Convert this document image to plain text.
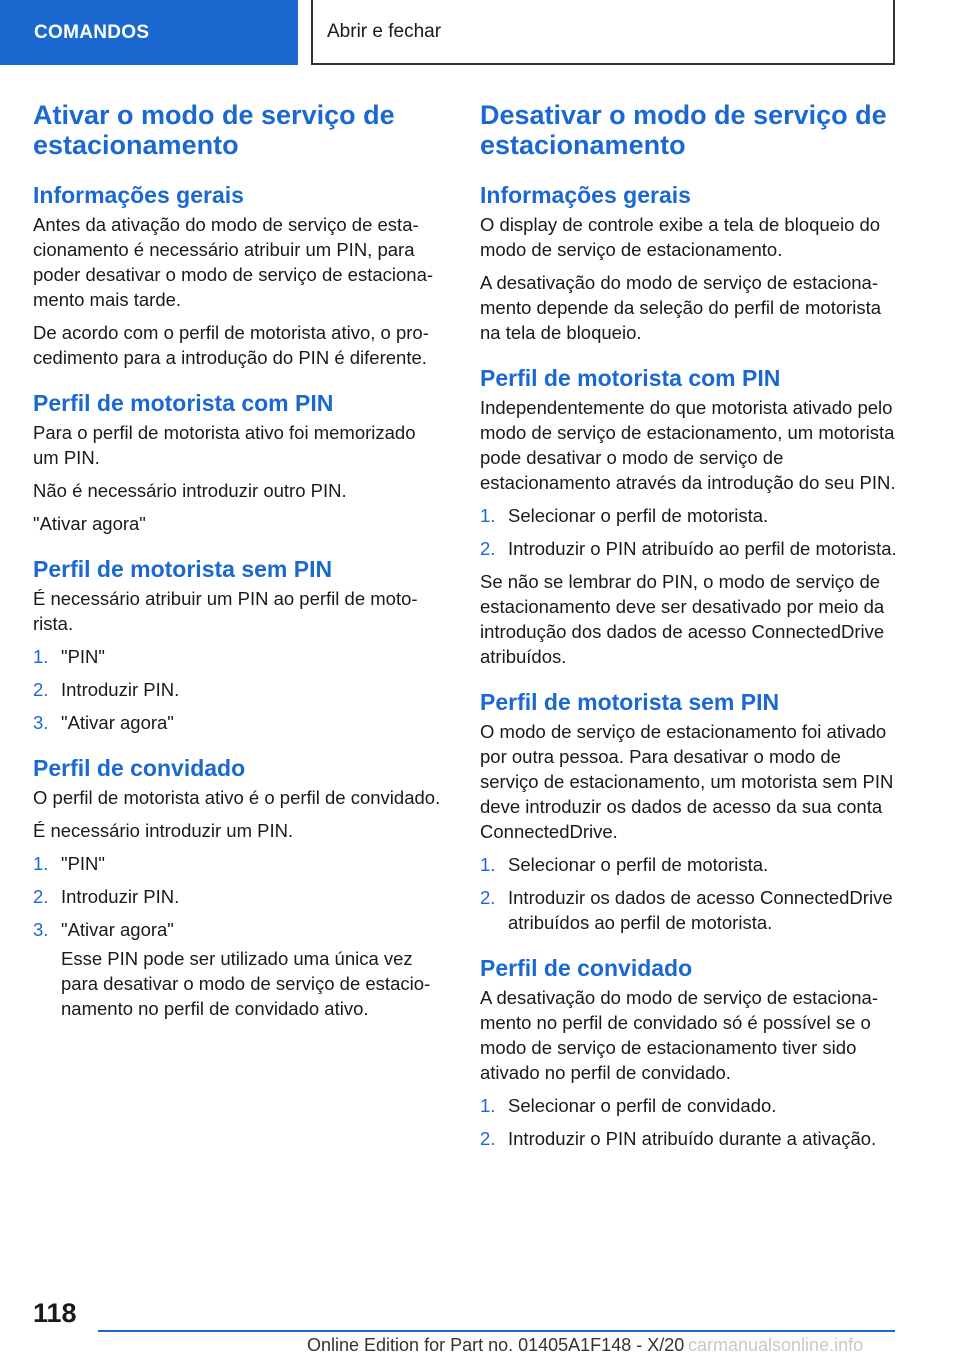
COMANDOS	Abrir e fechar
Ativar o modo de serviço de estacionamento
Informações gerais

Antes da ativação do modo de serviço de estacionamento é necessário atribuir um PIN, para poder desativar o modo de serviço de estacionamento mais tarde.

De acordo com o perfil de motorista ativo, o procedimento para a introdução do PIN é diferente.

Perfil de motorista com PIN

Para o perfil de motorista ativo foi memorizado um PIN.

Não é necessário introduzir outro PIN.

"Ativar agora"

Perfil de motorista sem PIN

É necessário atribuir um PIN ao perfil de motorista.

1. "PIN"
2. Introduzir PIN.
3. "Ativar agora"
Perfil de convidado

O perfil de motorista ativo é o perfil de convidado.

É necessário introduzir um PIN.

1. "PIN"
2. Introduzir PIN.
3. "Ativar agora"
Esse PIN pode ser utilizado uma única vez para desativar o modo de serviço de estacionamento no perfil de convidado ativo.
Desativar o modo de serviço de estacionamento
Informações gerais

O display de controle exibe a tela de bloqueio do modo de serviço de estacionamento.

A desativação do modo de serviço de estacionamento depende da seleção do perfil de motorista na tela de bloqueio.

Perfil de motorista com PIN

Independentemente do que motorista ativado pelo modo de serviço de estacionamento, um motorista pode desativar o modo de serviço de estacionamento através da introdução do seu PIN.

1. Selecionar o perfil de motorista.
2. Introduzir o PIN atribuído ao perfil de motorista.

Se não se lembrar do PIN, o modo de serviço de estacionamento deve ser desativado por meio da introdução dos dados de acesso ConnectedDrive atribuídos.

Perfil de motorista sem PIN

O modo de serviço de estacionamento foi ativado por outra pessoa. Para desativar o modo de serviço de estacionamento, um motorista sem PIN deve introduzir os dados de acesso da sua conta ConnectedDrive.

1. Selecionar o perfil de motorista.
2. Introduzir os dados de acesso ConnectedDrive atribuídos ao perfil de motorista.
Perfil de convidado

A desativação do modo de serviço de estacionamento no perfil de convidado só é possível se o modo de serviço de estacionamento tiver sido ativado no perfil de convidado.

1. Selecionar o perfil de convidado.
2. Introduzir o PIN atribuído durante a ativação.
118
Online Edition for Part no. 01405A1F148 - X/20 carmanualsonline.info
